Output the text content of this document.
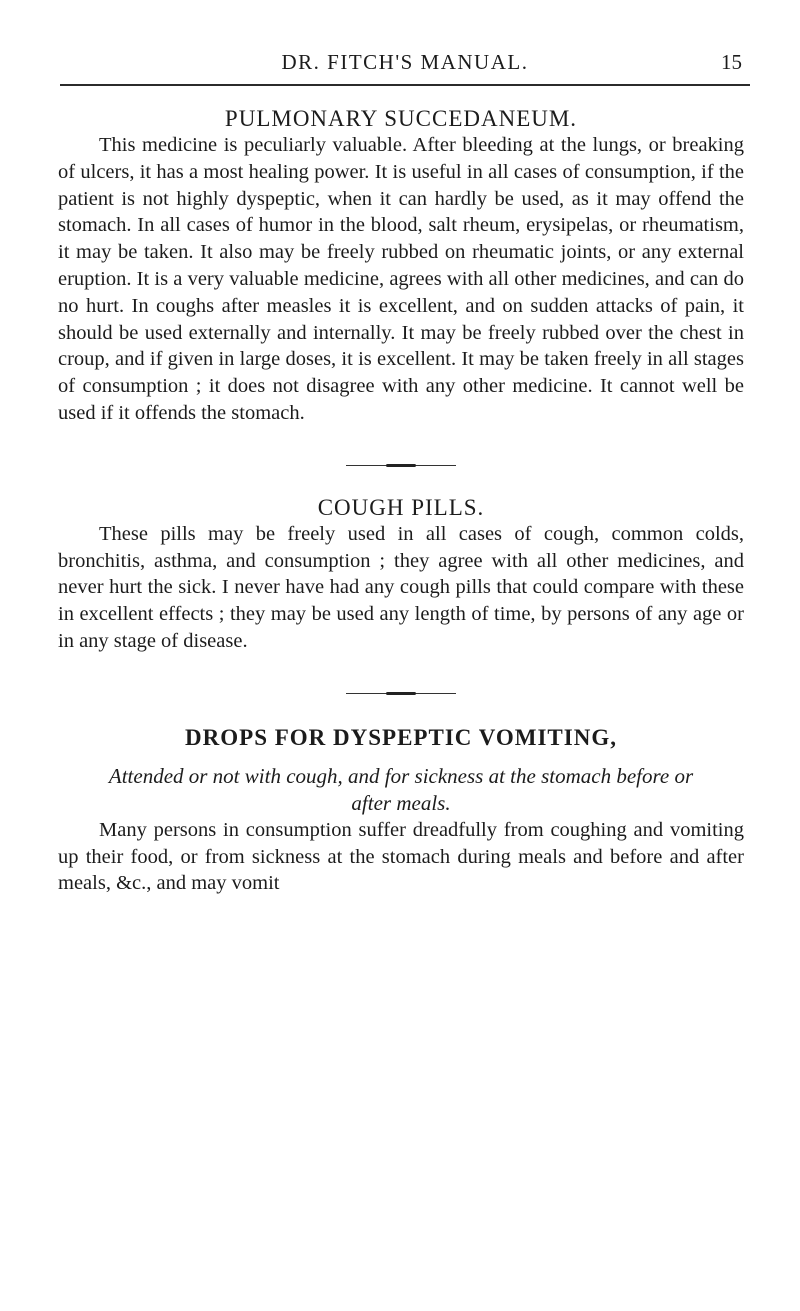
DR. FITCH'S MANUAL.	15
PULMONARY SUCCEDANEUM.

This medicine is peculiarly valuable. After bleeding at the lungs, or breaking of ulcers, it has a most healing power. It is useful in all cases of consumption, if the patient is not highly dyspeptic, when it can hardly be used, as it may offend the stomach. In all cases of humor in the blood, salt rheum, erysipelas, or rheumatism, it may be taken. It also may be freely rubbed on rheumatic joints, or any external eruption. It is a very valuable medicine, agrees with all other medicines, and can do no hurt. In coughs after measles it is excellent, and on sudden attacks of pain, it should be used externally and internally. It may be freely rubbed over the chest in croup, and if given in large doses, it is excellent. It may be taken freely in all stages of consumption ; it does not disagree with any other medicine. It cannot well be used if it offends the stomach.

COUGH PILLS.

These pills may be freely used in all cases of cough, common colds, bronchitis, asthma, and consumption ; they agree with all other medicines, and never hurt the sick. I never have had any cough pills that could compare with these in excellent effects ; they may be used any length of time, by persons of any age or in any stage of disease.

DROPS FOR DYSPEPTIC VOMITING,
Attended or not with cough, and for sickness at the stomach before or after meals.

Many persons in consumption suffer dreadfully from coughing and vomiting up their food, or from sickness at the stomach during meals and before and after meals, &c., and may vomit
